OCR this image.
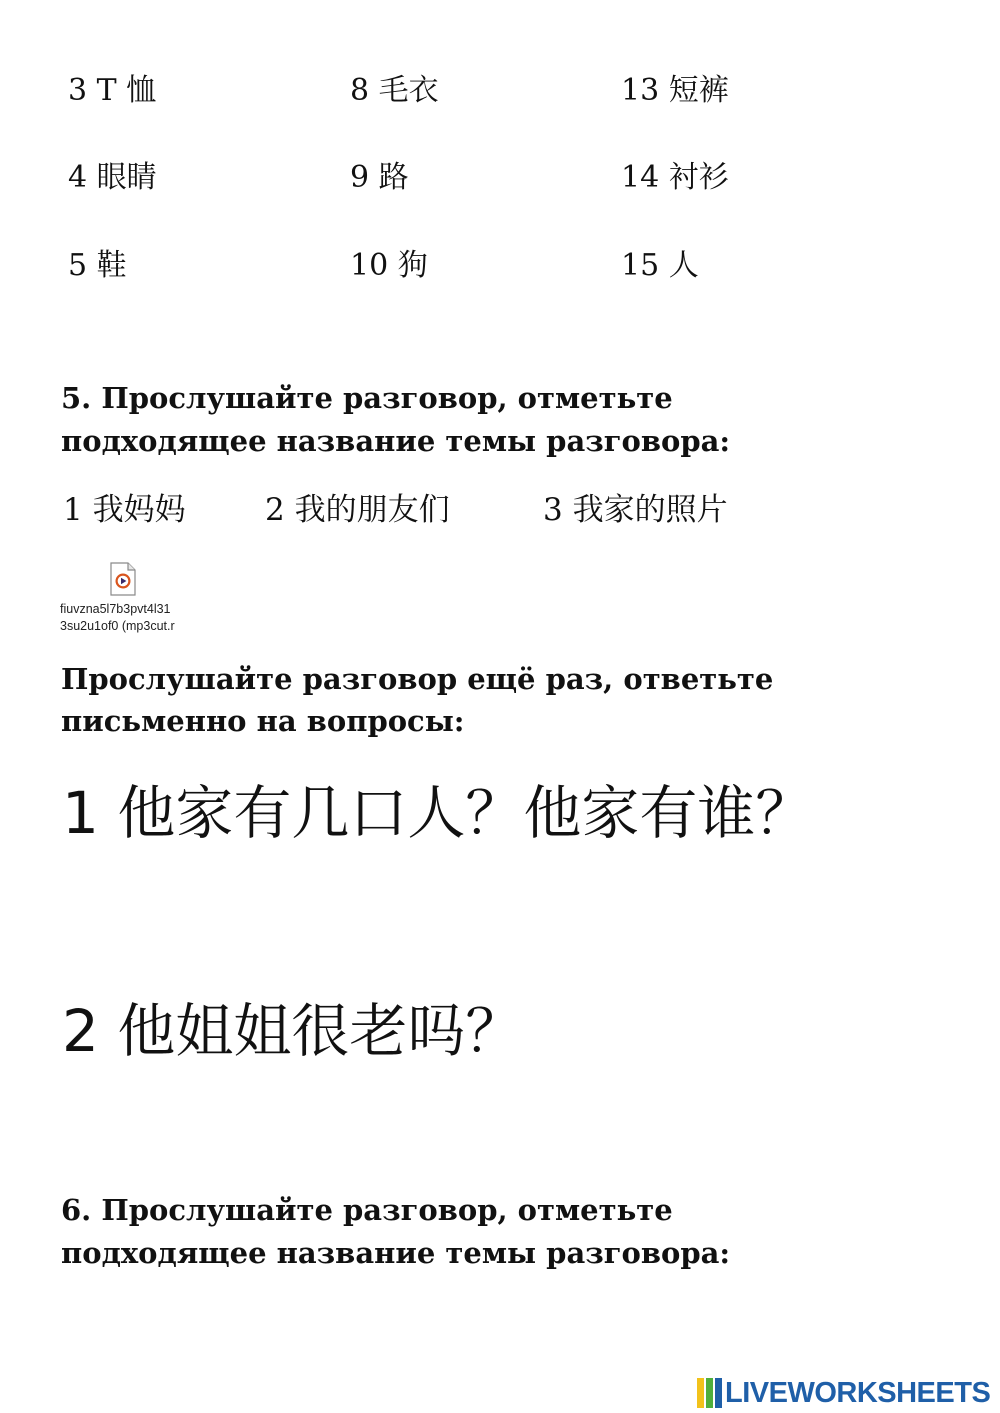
3 T 恤
4 眼睛
5 鞋
8 毛衣
9 路
10 狗
13 短裤
14 衬衫
15 人
5. Прослушайте разговор, отметьте
подходящее название темы разговора:
1 我妈妈	2 我的朋友们	3 我家的照片
fiuvzna5l7b3pvt4l31
3su2u1of0 (mp3cut.r
Прослушайте разговор ещё раз, ответьте
письменно на вопросы:
1 他家有几口人？他家有谁？
2 他姐姐很老吗？
6. Прослушайте разговор, отметьте
подходящее название темы разговора:
LIVEWORKSHEETS
